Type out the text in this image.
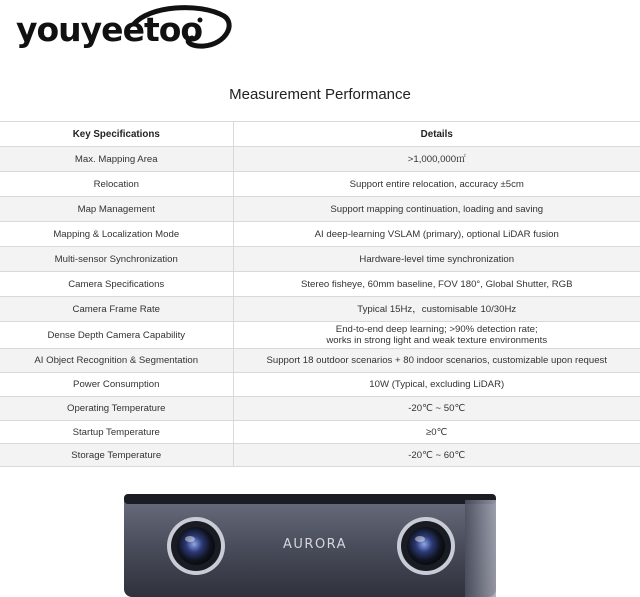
youyeetoo
Measurement Performance
Key Specifications	Details
Max. Mapping Area	>1,000,000㎡
Relocation	Support entire relocation, accuracy ±5cm
Map Management	Support mapping continuation, loading and saving
Mapping & Localization Mode	AI deep-learning VSLAM (primary), optional LiDAR fusion
Multi-sensor Synchronization	Hardware-level time synchronization
Camera Specifications	Stereo fisheye, 60mm baseline, FOV 180°, Global Shutter, RGB
Camera Frame Rate	Typical 15Hz，customisable 10/30Hz
Dense Depth Camera Capability	End-to-end deep learning; >90% detection rate;
works in strong light and weak texture environments

AI Object Recognition & Segmentation	Support 18 outdoor scenarios + 80 indoor scenarios, customizable upon request
Power Consumption	10W (Typical, excluding LiDAR)
Operating Temperature	-20℃ ~ 50℃
Startup Temperature	≥0℃
Storage Temperature	-20℃ ~ 60℃
AURORA
